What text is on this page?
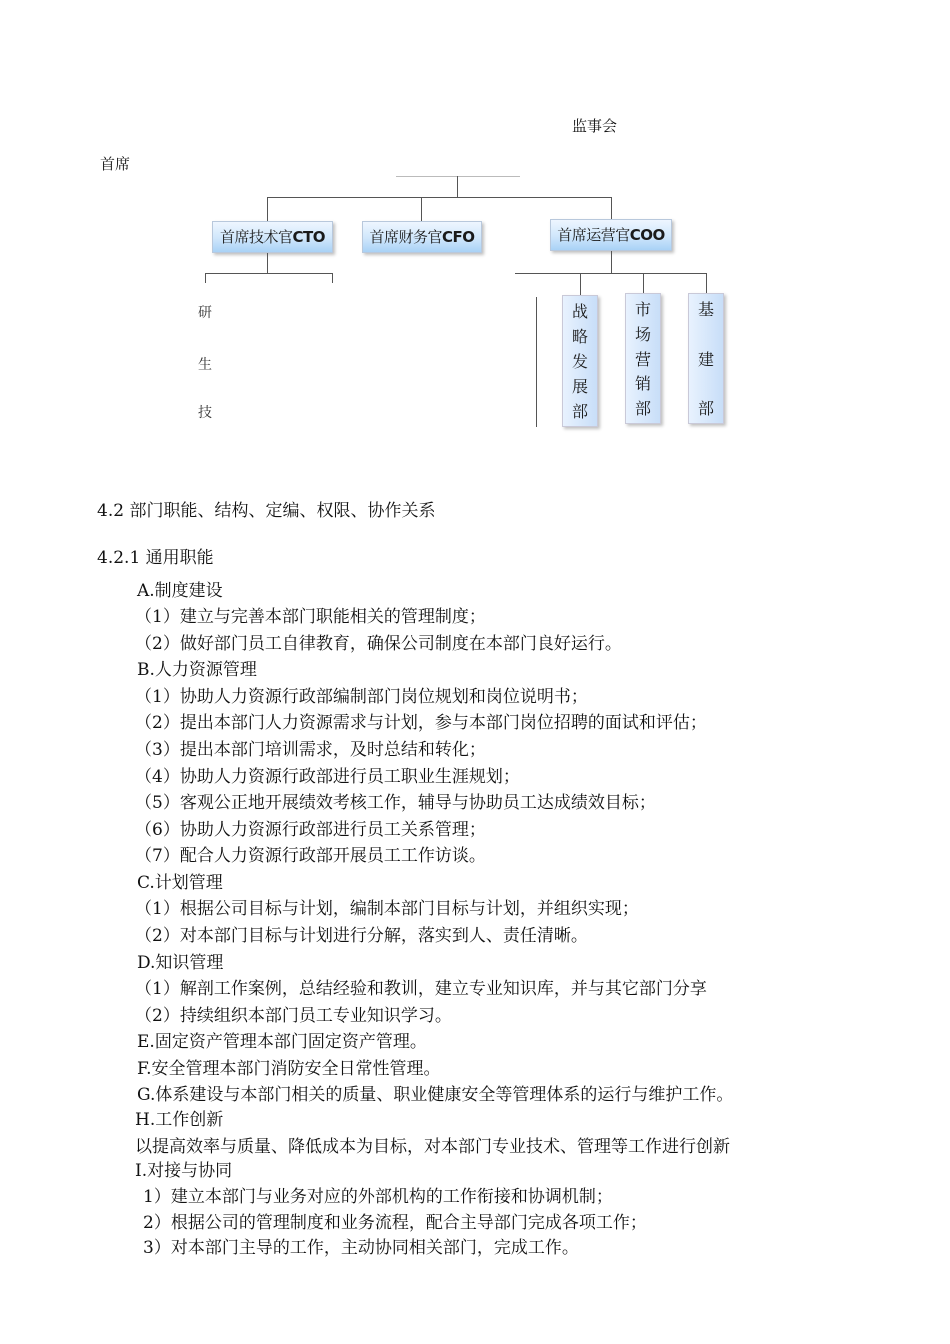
监事会
首席
首席技术官CTO	首席财务官CFO	首席运营官COO
研
生
技
战
略
发
展
部
市
场
营
销
部
基
建
部
4.2 部门职能、结构、定编、权限、协作关系
4.2.1 通用职能
A.制度建设
（1）建立与完善本部门职能相关的管理制度；
（2）做好部门员工自律教育，确保公司制度在本部门良好运行。
B.人力资源管理
（1）协助人力资源行政部编制部门岗位规划和岗位说明书；
（2）提出本部门人力资源需求与计划，参与本部门岗位招聘的面试和评估；
（3）提出本部门培训需求，及时总结和转化；
（4）协助人力资源行政部进行员工职业生涯规划；
（5）客观公正地开展绩效考核工作，辅导与协助员工达成绩效目标；
（6）协助人力资源行政部进行员工关系管理；
（7）配合人力资源行政部开展员工工作访谈。
C.计划管理
（1）根据公司目标与计划，编制本部门目标与计划，并组织实现；
（2）对本部门目标与计划进行分解，落实到人、责任清晰。
D.知识管理
（1）解剖工作案例，总结经验和教训，建立专业知识库，并与其它部门分享
（2）持续组织本部门员工专业知识学习。
E.固定资产管理本部门固定资产管理。
F.安全管理本部门消防安全日常性管理。
G.体系建设与本部门相关的质量、职业健康安全等管理体系的运行与维护工作。
H.工作创新
以提高效率与质量、降低成本为目标，对本部门专业技术、管理等工作进行创新
I.对接与协同
1）建立本部门与业务对应的外部机构的工作衔接和协调机制；
2）根据公司的管理制度和业务流程，配合主导部门完成各项工作；
3）对本部门主导的工作，主动协同相关部门，完成工作。
